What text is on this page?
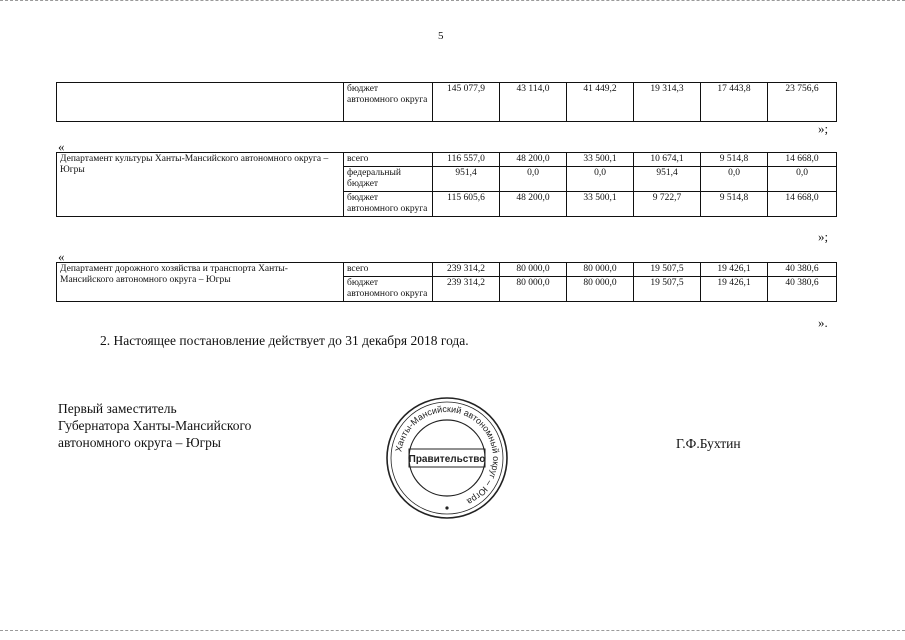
5
	бюджет автономного округа	145 077,9	43 114,0	41 449,2	19 314,3	17 443,8	23 756,6
»;
«
Департамент культуры Ханты-Мансийского автономного округа – Югры	всего	116 557,0	48 200,0	33 500,1	10 674,1	9 514,8	14 668,0
	федеральный бюджет	951,4	0,0	0,0	951,4	0,0	0,0
	бюджет автономного округа	115 605,6	48 200,0	33 500,1	9 722,7	9 514,8	14 668,0
»;
«
Департамент дорожного хозяйства и транспорта Ханты-Мансийского автономного округа – Югры	всего	239 314,2	80 000,0	80 000,0	19 507,5	19 426,1	40 380,6
	бюджет автономного округа	239 314,2	80 000,0	80 000,0	19 507,5	19 426,1	40 380,6
».
2. Настоящее постановление действует до 31 декабря 2018 года.
Первый заместитель
Губернатора Ханты-Мансийского
автономного округа – Югры	Ханты-Мансийский автономный округ – Югра
Правительство
Г.Ф.Бухтин
